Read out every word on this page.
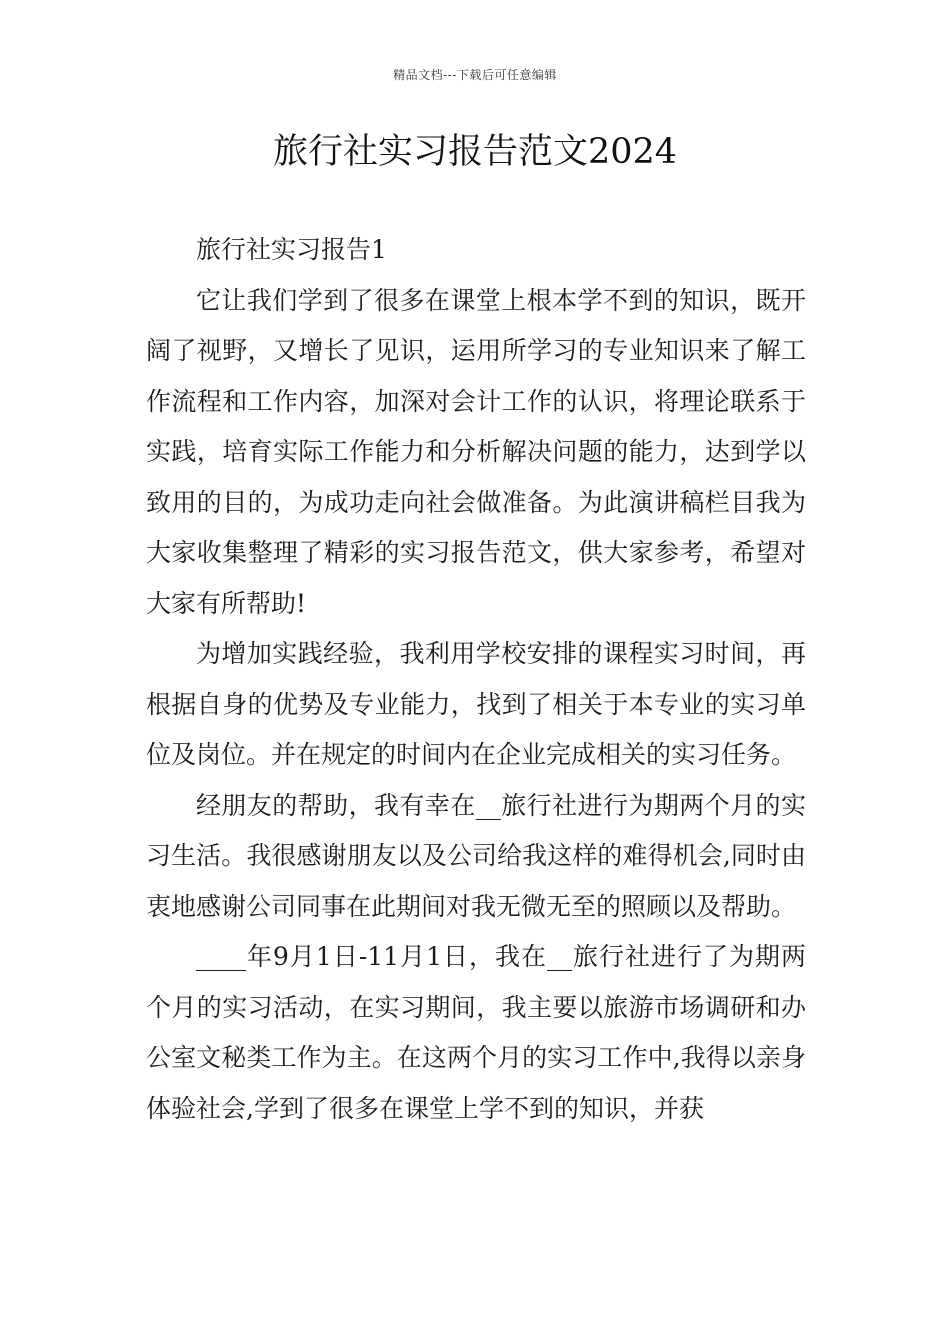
精品文档---下载后可任意编辑
旅行社实习报告范文2024

旅行社实习报告1

它让我们学到了很多在课堂上根本学不到的知识，既开阔了视野，又增长了见识，运用所学习的专业知识来了解工作流程和工作内容，加深对会计工作的认识，将理论联系于实践，培育实际工作能力和分析解决问题的能力，达到学以致用的目的，为成功走向社会做准备。为此演讲稿栏目我为大家收集整理了精彩的实习报告范文，供大家参考，希望对大家有所帮助!

为增加实践经验，我利用学校安排的课程实习时间，再根据自身的优势及专业能力，找到了相关于本专业的实习单位及岗位。并在规定的时间内在企业完成相关的实习任务。

经朋友的帮助，我有幸在__旅行社进行为期两个月的实习生活。我很感谢朋友以及公司给我这样的难得机会,同时由衷地感谢公司同事在此期间对我无微无至的照顾以及帮助。

____年9月1日-11月1日，我在__旅行社进行了为期两个月的实习活动，在实习期间，我主要以旅游市场调研和办公室文秘类工作为主。在这两个月的实习工作中,我得以亲身体验社会,学到了很多在课堂上学不到的知识，并获
